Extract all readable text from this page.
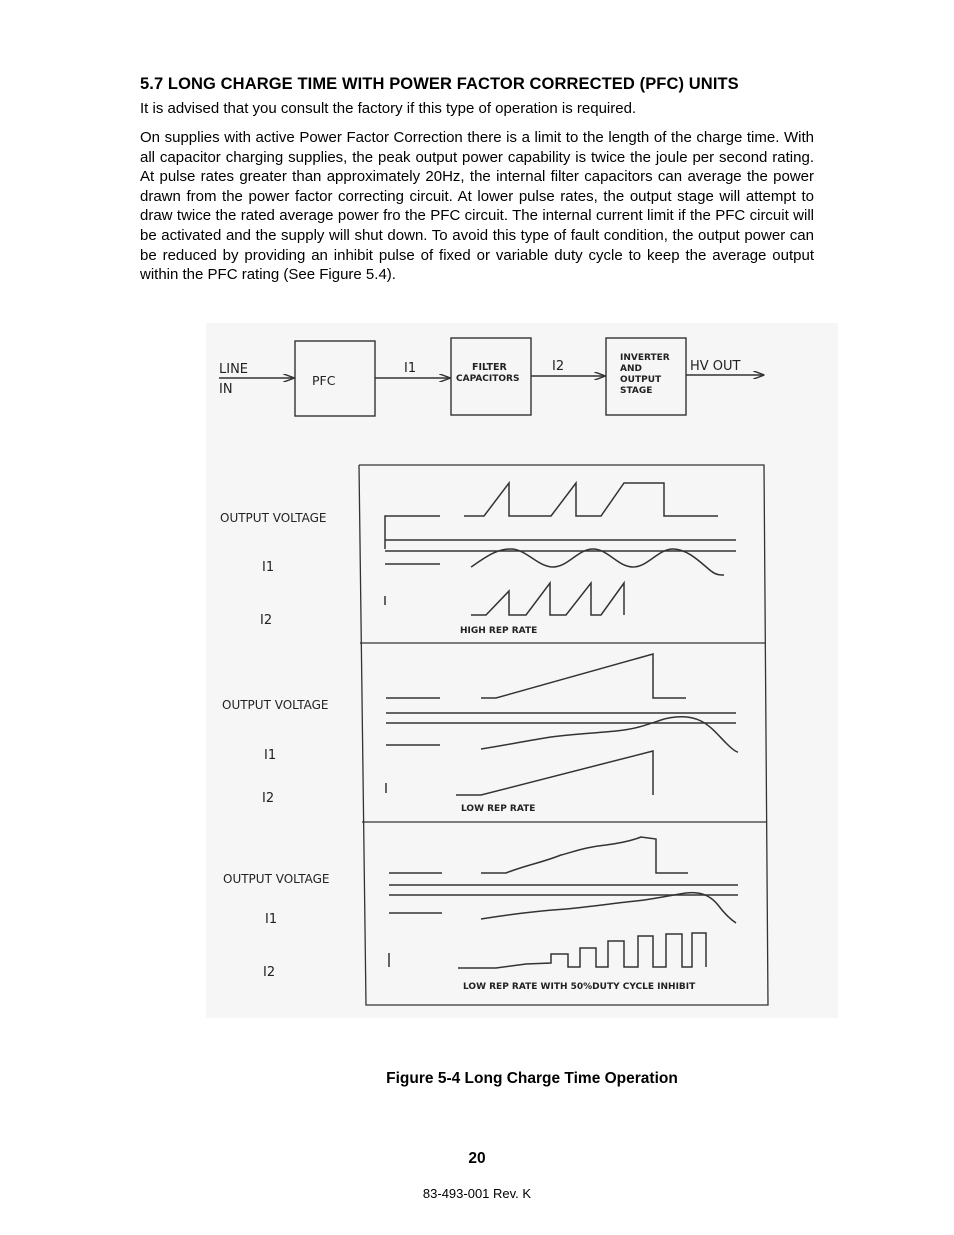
5.7 LONG CHARGE TIME WITH POWER FACTOR CORRECTED (PFC) UNITS

It is advised that you consult the factory if this type of operation is required.

On supplies with active Power Factor Correction there is a limit to the length of the charge time. With all capacitor charging supplies, the peak output power capability is twice the joule per second rating. At pulse rates greater than approximately 20Hz, the internal filter capacitors can average the power drawn from the power factor correcting circuit. At lower pulse rates, the output stage will attempt to draw twice the rated average power fro the PFC circuit. The internal current limit if the PFC circuit will be activated and the supply will shut down. To avoid this type of fault condition, the output power can be reduced by providing an inhibit pulse of fixed or variable duty cycle to keep the average output within the PFC rating (See Figure 5.4).

LINE
IN
PFC
I1	FILTER
CAPACITORS
I2
INVERTER
AND
OUTPUT
STAGE
HV OUT
OUTPUT VOLTAGE
I1
I2
HIGH REP RATE
OUTPUT VOLTAGE
I1
I2
LOW REP RATE
OUTPUT VOLTAGE
I1
I2
LOW REP RATE WITH 50%DUTY CYCLE INHIBIT
Figure 5-4 Long Charge Time Operation
20
83-493-001 Rev. K
